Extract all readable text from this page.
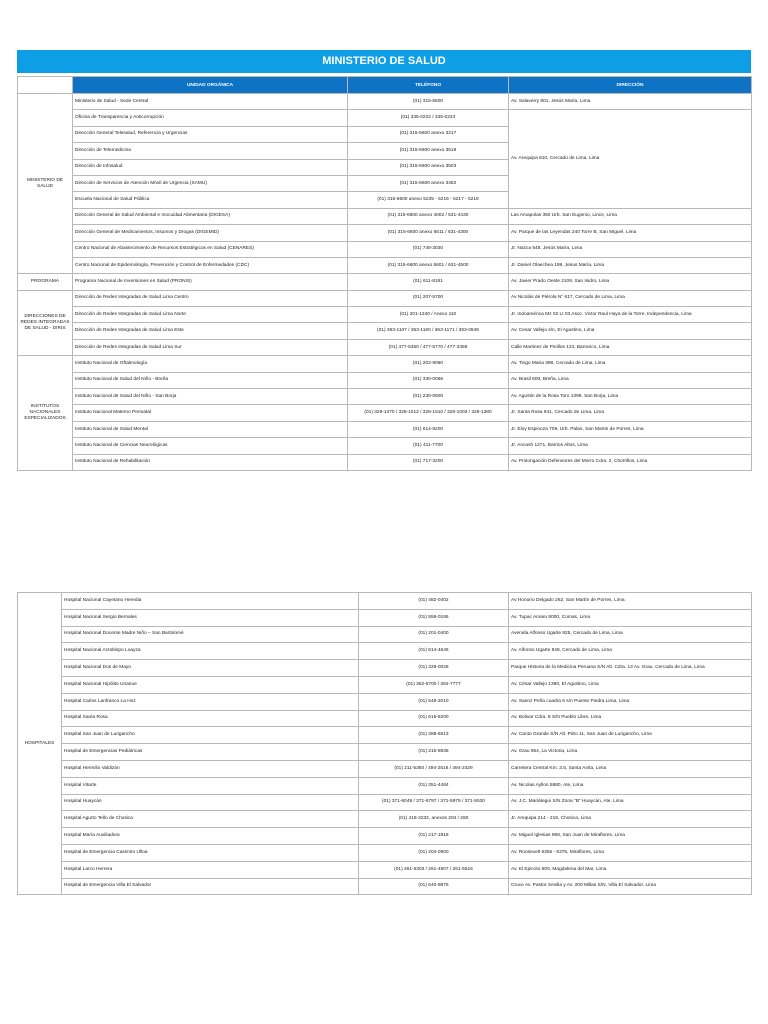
MINISTERIO DE SALUD
	UNIDAD ORGÁNICA	TELÉFONO	DIRECCIÓN
MINISTERIO DE SALUD	Ministerio de Salud - Sede Central	(01) 315-6600	Av. Salaverry 801, Jesús María, Lima
	Oficina de Transparencia y Anticorrupción	(01) 335-0222 / 335-0223	Av. Arequipa 810, Cercado de Lima, Lima
	Dirección General Telesalud, Referencia y Urgencias	(01) 315-6600 anexo 3217	
	Dirección de Telemedicina	(01) 315-6600 anexo 3519	
	Dirección de Infosalud	(01) 315-6600 anexo 3503	
	Dirección de Servicios de Atención Móvil de Urgencia (SAMU)	(01) 315-6600 anexo 3482	
	Escuela Nacional de Salud Pública	(01) 315-6600 anexo 5235 - 5216 - 5217 - 5218	
	Dirección General de Salud Ambiental e Inocuidad Alimentaria (DIGESA)	(01) 315-6600 anexo 4002 / 631-4430	Las Amapolas 350 Urb. San Eugenio, Lince, Lima
	Dirección General de Medicamentos, Insumos y Drogas (DIGEMID)	(01) 315-6600 anexo 6511 / 631-4300	Av. Parque de las Leyendas 240 Torre B, San Miguel, Lima
	Centro Nacional de Abastecimiento de Recursos Estratégicos en Salud (CENARES)	(01) 748-3030	Jr. Nazca 548, Jesús María, Lima
	Centro Nacional de Epidemiología, Prevención y Control de Enfermedades (CDC)	(01) 315-6600 anexo 5601 / 631-4500	Jr. Daniel Olaechea 199, Jesus María, Lima
PROGRAMA	Programa Nacional de Inversiones en Salud (PRONIS)	(01) 611-8181	Av. Javier Prado Oeste 2108, San Isidro, Lima
DIRECCIONES DE REDES INTEGRADAS DE SALUD - DIRIS	Dirección de Redes Integradas de Salud Lima Centro	(01) 207-5700	Av Nicolás de Piérola N° 617, Cercado de Lima, Lima
	Dirección de Redes Integradas de Salud Lima Norte	(01) 201-1340 / Anexo 110	Jr. Indoamérica Mz 02 Lt 03 Asoc. Victor Raul Haya de la Torre, Independencia, Lima
	Dirección de Redes Integradas de Salud Lima Este	(01) 363-1107 / 363-1160 / 363-1171 / 363-0946	Av. Cesar Vallejo s/n, El Agustino, Lima
	Dirección de Redes Integradas de Salud Lima Sur	(01) 477-5360 / 477-5770 / 477-3458	Calle Martinez de Pinillos 124, Barranco, Lima
INSTITUTOS NACIONALES ESPECIALIZADOS	Instituto Nacional de Oftalmología	(01) 202-9060	Av. Tingo Maria 398, Cercado de Lima, Lima
	Instituto Nacional de Salud del Niño - Breña	(01) 330-0066	Av. Brasil 600, Breña, Lima
	Instituto Nacional de Salud del Niño - San Borja	(01) 230-0600	Av. Agustin de la Rosa Toro 1399, San Borja, Lima
	Instituto Nacional Materno Perinatal	(01) 328-1370 / 328-1012 / 328-1510 / 328-1003 / 328-1380	Jr. Santa Rosa 941, Cercado de Lima, Lima
	Instituto Nacional de Salud Mental	(01) 614-9200	Jr. Eloy Espinoza 709, Urb. Palao, San Martin de Porres, Lima
	Instituto Nacional de Ciencias Neurológicas	(01) 411-7700	Jr. Ancash 1271, Barrios Altos, Lima
	Instituto Nacional de Rehabilitación	(01) 717-3200	Av. Prolongación Defensores del Morro Cdra. 2, Chorrillos, Lima
HOSPITALES	Hospital Nacional Cayetano Heredia	(01) 482-0402	Av Honorio Delgado 262, San Martín de Porres, Lima
	Hospital Nacional Sergio Bernales	(01) 558-0186	Av. Tupac Amaru 8000, Comas, Lima
	Hospital Nacional Docente Madre Niño – San Bartolomé	(01) 201-0400	Avenida Alfonso Ugarte 825, Cercado de Lima, Lima
	Hospital Nacional Arzobispo Loayza	(01) 614-4646	Av. Alfonso Ugarte 848, Cercado de Lima, Lima
	Hospital Nacional Dos de Mayo	(01) 328-0028	Parque Historia de la Medicina Peruana S/N Alt. Cdra. 13 Av. Grau, Cercado de Lima, Lima
	Hospital Nacional Hipólito Unanue	(01) 362-5700 / 362-7777	Av. César Vallejo 1390, El Agustino, Lima
	Hospital Carlos Lanfranco La Hoz	(01) 548-2010	Av. Saenz Peña cuadra 6 s/n Puente Piedra Lima, Lima
	Hospital Santa Rosa	(01) 615-8200	Av. Bolivar Cdra. 8 S/N Pueblo Libre, Lima
	Hospital San Juan de Lurigancho	(01) 388-6513	Av. Canto Grande S/N Alt. Pdro 11, San Juan de Lurigancho, Lima
	Hospital de Emergencias Pediátricas	(01) 215-8838	Av. Grau 854, La Victoria, Lima
	Hospital Hermilio Valdizán	(01) 211-5350 / 494-2516 / 494-2429	Carretera Central Km. 3.5, Santa Anita, Lima
	Hospital Vitarte	(01) 351-4484	Av. Nicolas Ayllon 5880, Ate, Lima
	Hospital Huaycán	(01) 371-6049 / 371-6797 / 371-5979 / 371-5530	Av. J.C. Mariátegui S/N Zona "B" Huaycán, Ate, Lima
	Hospital Agurto Tello de Chosica	(01) 418-3232, anexos 204 / 260	Jr. Arequipa 214 - 218, Chosica, Lima
	Hospital María Auxiliadora	(01) 217-1818	Av. Miguel Iglesias 968, San Juan de Miraflores, Lima
	Hospital de Emergencia Casimiro Ulloa	(01) 204-0900	Av. Roosevelt 6355 - 6375, Miraflores, Lima
	Hospital Larco Herrera	(01) 261-5303 / 261-4907 / 261-5516	Av. El Ejercito 600, Magdalena del Mar, Lima
	Hospital de Emergencia Villa El Salvador	(01) 640-9875	Cruce Av. Pastor Sevilla y Av. 200 Millas S/N, Villa El Salvador, Lima
